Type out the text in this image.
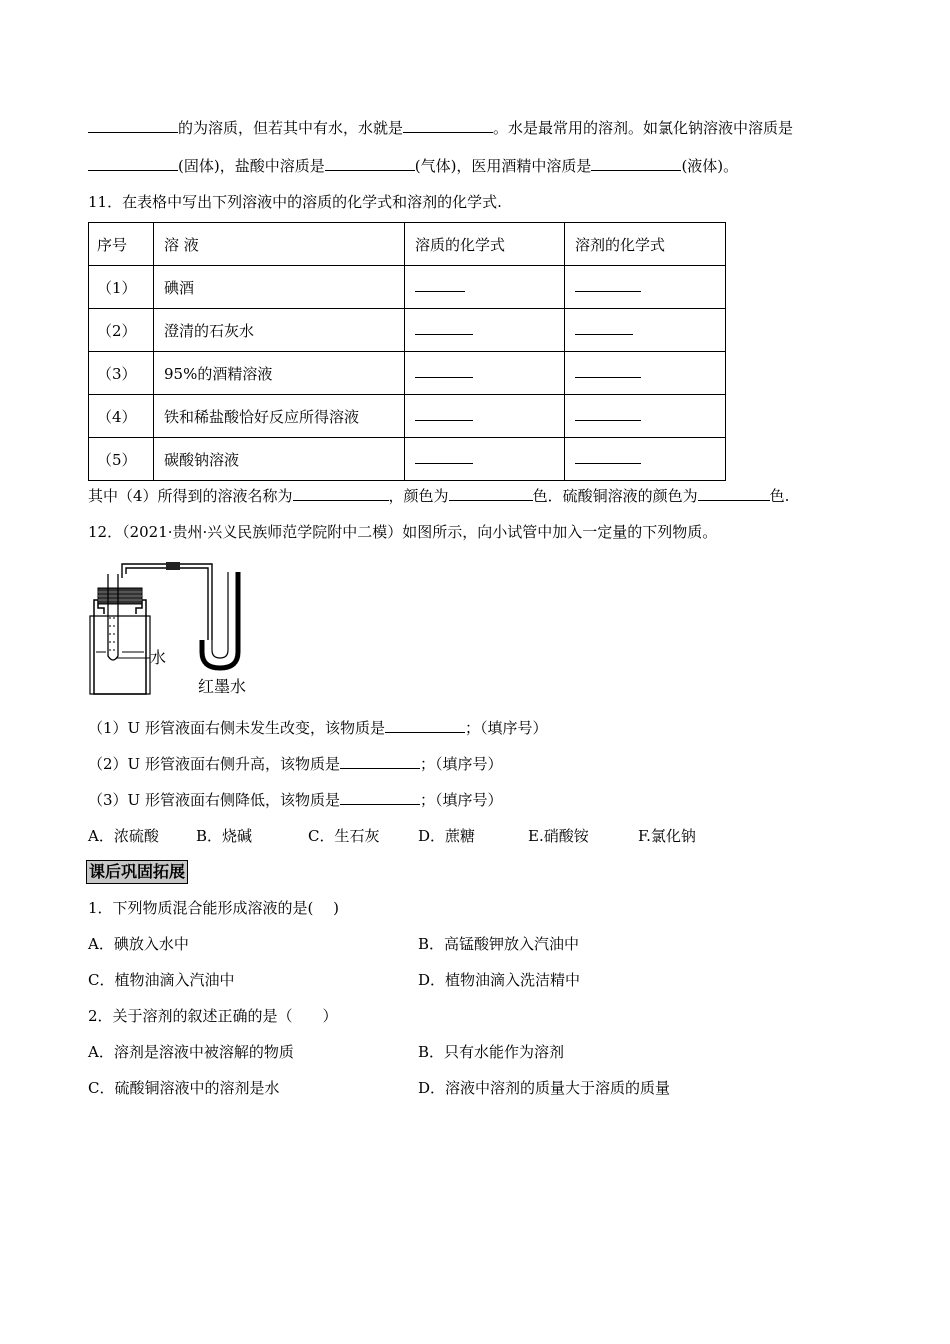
的为溶质，但若其中有水，水就是	。水是最常用的溶剂。如氯化钠溶液中溶质是
(固体)，盐酸中溶质是	(气体)，医用酒精中溶质是	(液体)。
11．在表格中写出下列溶液中的溶质的化学式和溶剂的化学式.
序号	溶 液	溶质的化学式	溶剂的化学式
（1）	碘酒		
（2）	澄清的石灰水		
（3）	95%的酒精溶液		
（4）	铁和稀盐酸恰好反应所得溶液		
（5）	碳酸钠溶液		
其中（4）所得到的溶液名称为	，颜色为	色．硫酸铜溶液的颜色为	色.
12．（2021·贵州·兴义民族师范学院附中二模）如图所示，向小试管中加入一定量的下列物质。
水
红墨水
（1）U 形管液面右侧未发生改变，该物质是	；（填序号）
（2）U 形管液面右侧升高，该物质是	；（填序号）
（3）U 形管液面右侧降低，该物质是	；（填序号）
A．浓硫酸 B．烧碱	C．生石灰	D．蔗糖	E.硝酸铵	F.氯化钠
课后巩固拓展
1．下列物质混合能形成溶液的是(　 )
A．碘放入水中	B．高锰酸钾放入汽油中
C．植物油滴入汽油中	D．植物油滴入洗洁精中
2．关于溶剂的叙述正确的是（　　）
A．溶剂是溶液中被溶解的物质	B．只有水能作为溶剂
C．硫酸铜溶液中的溶剂是水	D．溶液中溶剂的质量大于溶质的质量
